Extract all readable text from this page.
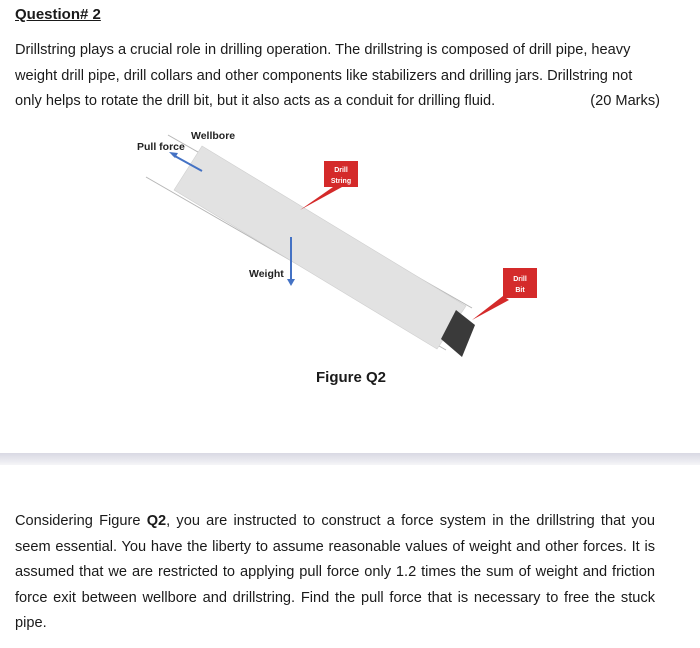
Question# 2
Drillstring plays a crucial role in drilling operation. The drillstring is composed of drill pipe, heavy weight drill pipe, drill collars and other components like stabilizers and drilling jars. Drillstring not only helps to rotate the drill bit, but it also acts as a conduit for drilling fluid.	(20 Marks)
Pull force
Wellbore
Drill
String
Weight	Drill
Bit
Figure Q2
Considering Figure Q2, you are instructed to construct a force system in the drillstring that you seem essential. You have the liberty to assume reasonable values of weight and other forces. It is assumed that we are restricted to applying pull force only 1.2 times the sum of weight and friction force exit between wellbore and drillstring. Find the pull force that is necessary to free the stuck pipe.
